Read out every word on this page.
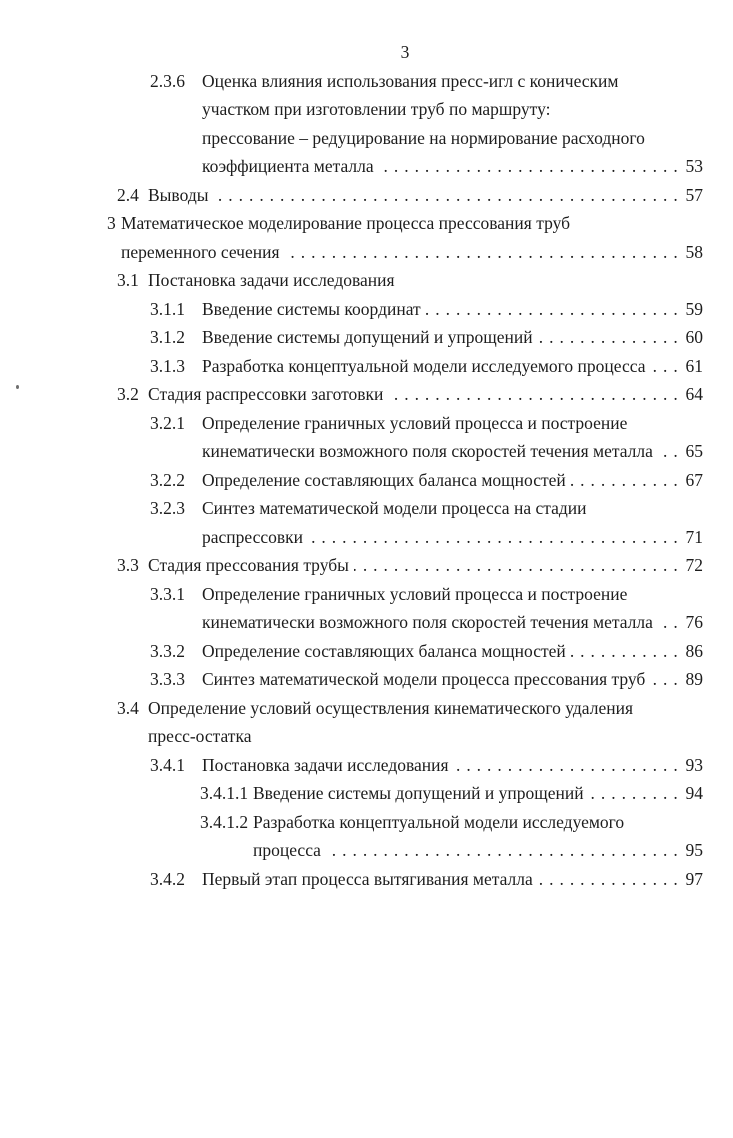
3
2.3.6 Оценка влияния использования пресс-игл с коническим
участком при изготовлении труб по маршруту:
прессование – редуцирование на нормирование расходного
коэффициента металла . . .	53
2.4 Выводы . . .	57
3 Математическое моделирование процесса прессования труб
переменного сечения . . .	58
3.1 Постановка задачи исследования
3.1.1 Введение системы координат . . .	59
3.1.2 Введение системы допущений и упрощений . . .	60
3.1.3 Разработка концептуальной модели исследуемого процесса . . . 61
3.2 Стадия распрессовки заготовки . . .	64
3.2.1 Определение граничных условий процесса и построение
кинематически возможного поля скоростей течения металла . . . 65
3.2.2 Определение составляющих баланса мощностей . . .	67
3.2.3 Синтез математической модели процесса на стадии
распрессовки . . .	71
3.3 Стадия прессования трубы . . .	72
3.3.1 Определение граничных условий процесса и построение
кинематически возможного поля скоростей течения металла . . . 76
3.3.2 Определение составляющих баланса мощностей . . .	86
3.3.3 Синтез математической модели процесса прессования труб . . . 89
3.4 Определение условий осуществления кинематического удаления
пресс-остатка
3.4.1 Постановка задачи исследования . . .	93
3.4.1.1 Введение системы допущений и упрощений . . .	94
3.4.1.2 Разработка концептуальной модели исследуемого
процесса . . .	95
3.4.2 Первый этап процесса вытягивания металла . . .	97
